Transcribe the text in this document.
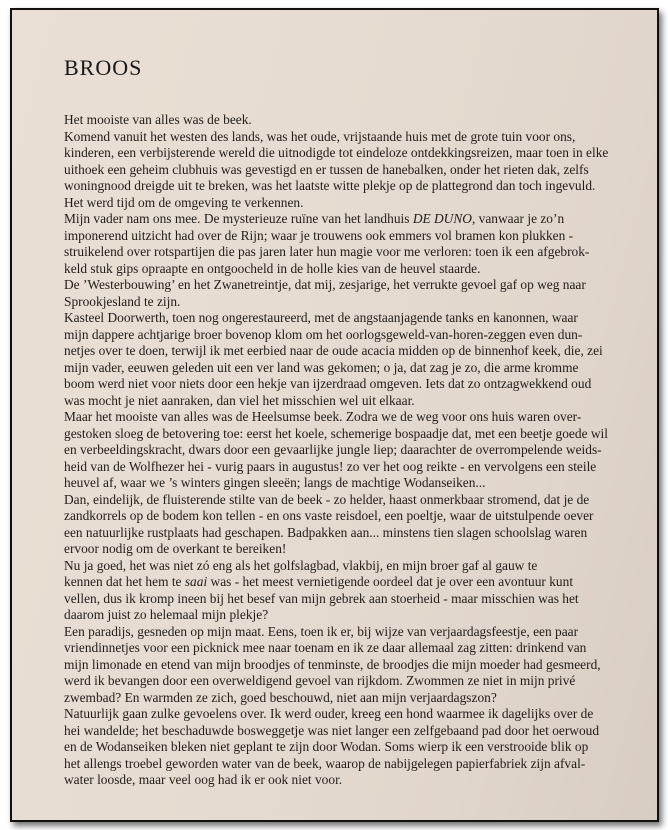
BROOS
Het mooiste van alles was de beek.
Komend vanuit het westen des lands, was het oude, vrijstaande huis met de grote tuin voor ons,
kinderen, een verbijsterende wereld die uitnodigde tot eindeloze ontdekkingsreizen, maar toen in elke
uithoek een geheim clubhuis was gevestigd en er tussen de hanebalken, onder het rieten dak, zelfs
woningnood dreigde uit te breken, was het laatste witte plekje op de plattegrond dan toch ingevuld.
Het werd tijd om de omgeving te verkennen.
Mijn vader nam ons mee. De mysterieuze ruïne van het landhuis DE DUNO, vanwaar je zo’n
imponerend uitzicht had over de Rijn; waar je trouwens ook emmers vol bramen kon plukken -
struikelend over rotspartijen die pas jaren later hun magie voor me verloren: toen ik een afgebrok-
keld stuk gips opraapte en ontgoocheld in de holle kies van de heuvel staarde.
De ’Westerbouwing’ en het Zwanetreintje, dat mij, zesjarige, het verrukte gevoel gaf op weg naar
Sprookjesland te zijn.
Kasteel Doorwerth, toen nog ongerestaureerd, met de angstaanjagende tanks en kanonnen, waar
mijn dappere achtjarige broer bovenop klom om het oorlogsgeweld-van-horen-zeggen even dun-
netjes over te doen, terwijl ik met eerbied naar de oude acacia midden op de binnenhof keek, die, zei
mijn vader, eeuwen geleden uit een ver land was gekomen; o ja, dat zag je zo, die arme kromme
boom werd niet voor niets door een hekje van ijzerdraad omgeven. Iets dat zo ontzagwekkend oud
was mocht je niet aanraken, dan viel het misschien wel uit elkaar.
Maar het mooiste van alles was de Heelsumse beek. Zodra we de weg voor ons huis waren over-
gestoken sloeg de betovering toe: eerst het koele, schemerige bospaadje dat, met een beetje goede wil
en verbeeldingskracht, dwars door een gevaarlijke jungle liep; daarachter de overrompelende weids-
heid van de Wolfhezer hei - vurig paars in augustus! zo ver het oog reikte - en vervolgens een steile
heuvel af, waar we ’s winters gingen sleeën; langs de machtige Wodanseiken...
Dan, eindelijk, de fluisterende stilte van de beek - zo helder, haast onmerkbaar stromend, dat je de
zandkorrels op de bodem kon tellen - en ons vaste reisdoel, een poeltje, waar de uitstulpende oever
een natuurlijke rustplaats had geschapen. Badpakken aan... minstens tien slagen schoolslag waren
ervoor nodig om de overkant te bereiken!
Nu ja goed, het was niet zó eng als het golfslagbad, vlakbij, en mijn broer gaf al gauw te
kennen dat het hem te saai was - het meest vernietigende oordeel dat je over een avontuur kunt
vellen, dus ik kromp ineen bij het besef van mijn gebrek aan stoerheid - maar misschien was het
daarom juist zo helemaal mijn plekje?
Een paradijs, gesneden op mijn maat. Eens, toen ik er, bij wijze van verjaardagsfeestje, een paar
vriendinnetjes voor een picknick mee naar toenam en ik ze daar allemaal zag zitten: drinkend van
mijn limonade en etend van mijn broodjes of tenminste, de broodjes die mijn moeder had gesmeerd,
werd ik bevangen door een overweldigend gevoel van rijkdom. Zwommen ze niet in mijn privé
zwembad? En warmden ze zich, goed beschouwd, niet aan mijn verjaardagszon?
Natuurlijk gaan zulke gevoelens over. Ik werd ouder, kreeg een hond waarmee ik dagelijks over de
hei wandelde; het beschaduwde bosweggetje was niet langer een zelfgebaand pad door het oerwoud
en de Wodanseiken bleken niet geplant te zijn door Wodan. Soms wierp ik een verstrooide blik op
het allengs troebel geworden water van de beek, waarop de nabijgelegen papierfabriek zijn afval-
water loosde, maar veel oog had ik er ook niet voor.
